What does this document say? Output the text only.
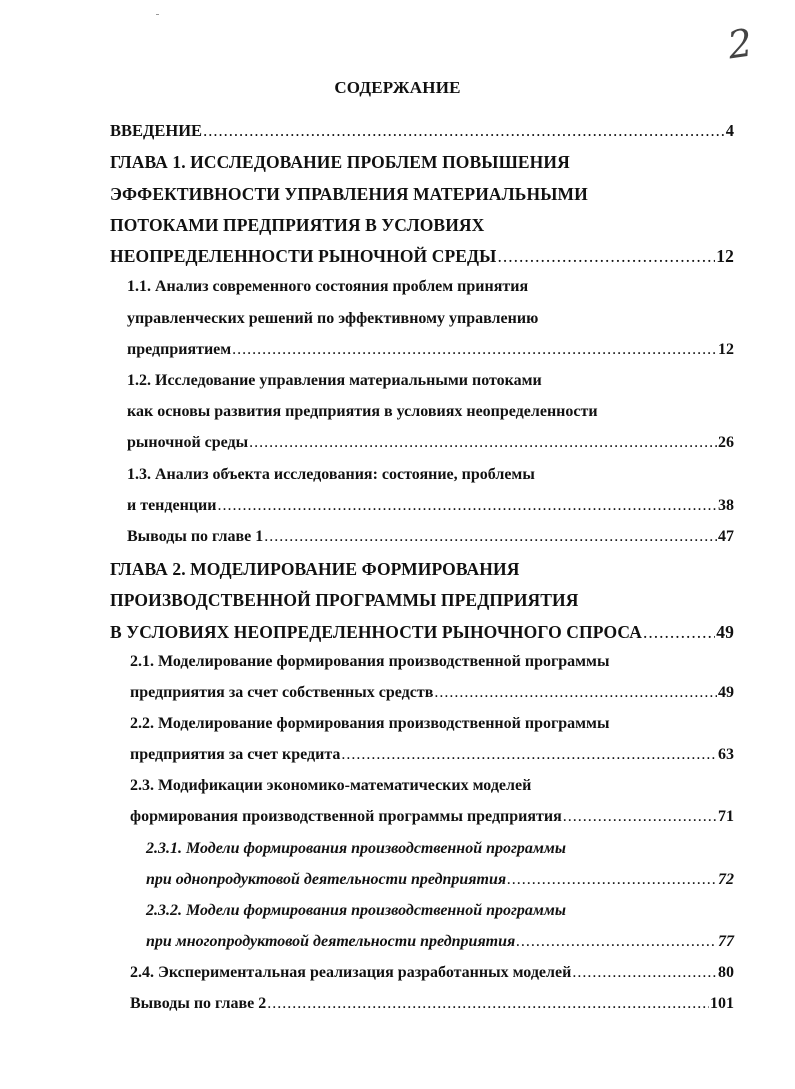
2
СОДЕРЖАНИЕ
ВВЕДЕНИЕ .....	4
ГЛАВА 1. ИССЛЕДОВАНИЕ ПРОБЛЕМ ПОВЫШЕНИЯ
ЭФФЕКТИВНОСТИ УПРАВЛЕНИЯ МАТЕРИАЛЬНЫМИ
ПОТОКАМИ ПРЕДПРИЯТИЯ В УСЛОВИЯХ
НЕОПРЕДЕЛЕННОСТИ РЫНОЧНОЙ СРЕДЫ .....	12
1.1. Анализ современного состояния проблем принятия
управленческих решений по эффективному управлению
предприятием .....	12
1.2. Исследование управления материальными потоками
как основы развития предприятия в условиях неопределенности
рыночной среды .....	26
1.3. Анализ объекта исследования: состояние, проблемы
и тенденции .....	38
Выводы по главе 1 .....	47
ГЛАВА 2. МОДЕЛИРОВАНИЕ ФОРМИРОВАНИЯ
ПРОИЗВОДСТВЕННОЙ ПРОГРАММЫ ПРЕДПРИЯТИЯ
В УСЛОВИЯХ НЕОПРЕДЕЛЕННОСТИ РЫНОЧНОГО СПРОСА .....	49
2.1. Моделирование формирования производственной программы
предприятия за счет собственных средств .....	49
2.2. Моделирование формирования производственной программы
предприятия за счет кредита .....	63
2.3. Модификации экономико-математических моделей
формирования производственной программы предприятия .....	71
2.3.1. Модели формирования производственной программы
при однопродуктовой деятельности предприятия .....	72
2.3.2. Модели формирования производственной программы
при многопродуктовой деятельности предприятия .....	77
2.4. Экспериментальная реализация разработанных моделей .....	80
Выводы по главе 2 .....	101
